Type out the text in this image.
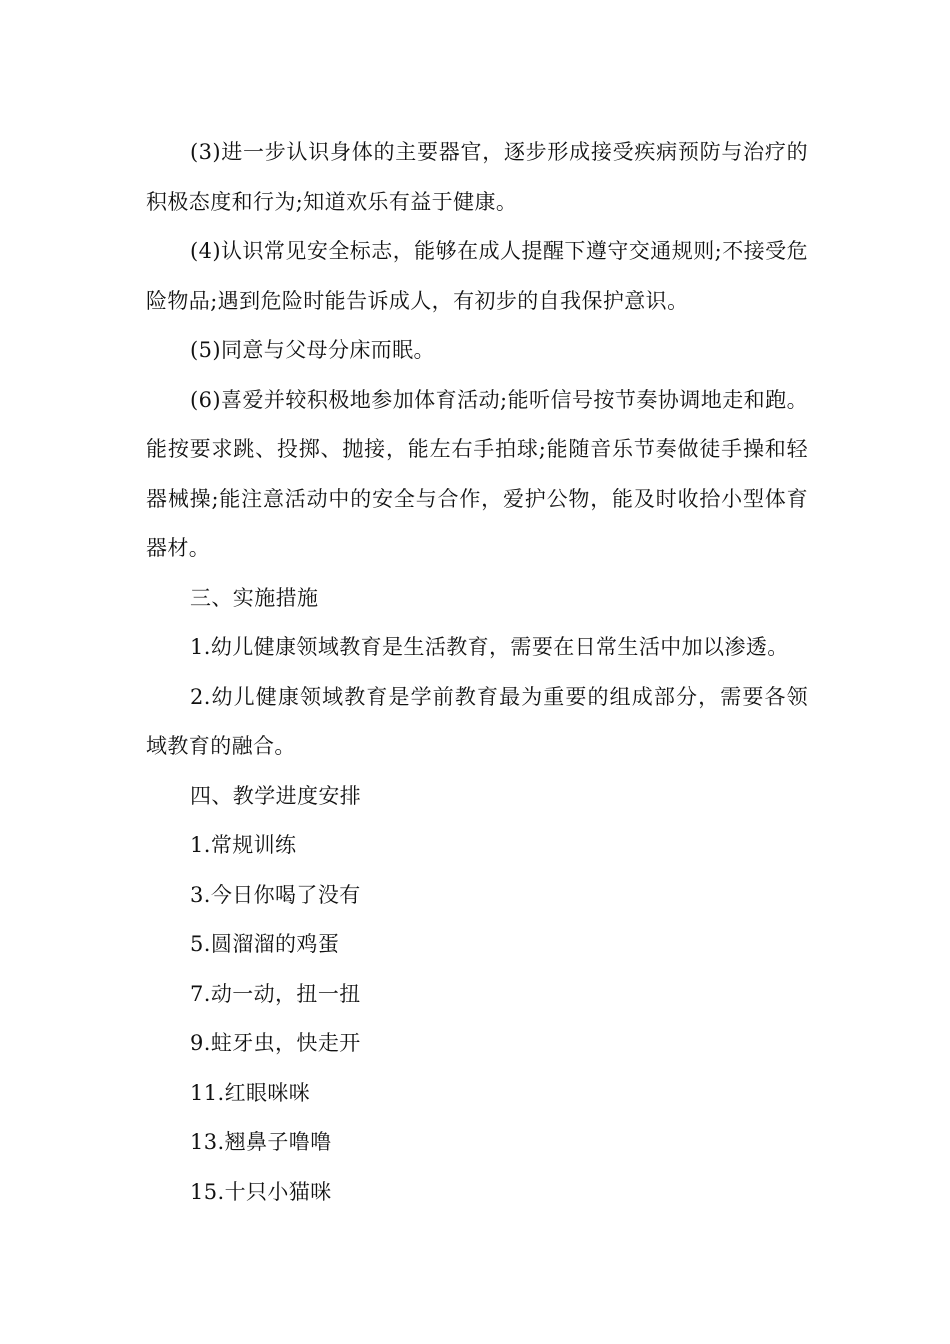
(3)进一步认识身体的主要器官，逐步形成接受疾病预防与治疗的积极态度和行为;知道欢乐有益于健康。

(4)认识常见安全标志，能够在成人提醒下遵守交通规则;不接受危险物品;遇到危险时能告诉成人，有初步的自我保护意识。

(5)同意与父母分床而眠。

(6)喜爱并较积极地参加体育活动;能听信号按节奏协调地走和跑。能按要求跳、投掷、抛接，能左右手拍球;能随音乐节奏做徒手操和轻器械操;能注意活动中的安全与合作，爱护公物，能及时收拾小型体育器材。

三、实施措施

1.幼儿健康领域教育是生活教育，需要在日常生活中加以渗透。

2.幼儿健康领域教育是学前教育最为重要的组成部分，需要各领域教育的融合。

四、教学进度安排

1.常规训练

3.今日你喝了没有

5.圆溜溜的鸡蛋

7.动一动，扭一扭

9.蛀牙虫，快走开

11.红眼咪咪

13.翘鼻子噜噜

15.十只小猫咪
